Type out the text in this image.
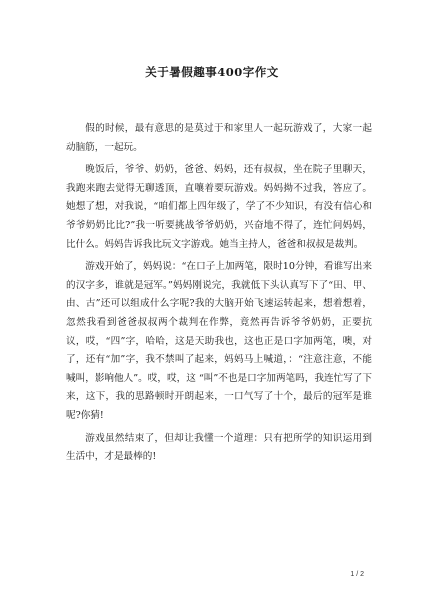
关于暑假趣事400字作文

假的时候，最有意思的是莫过于和家里人一起玩游戏了，大家一起动脑筋，一起玩。

晚饭后，爷爷、奶奶，爸爸、妈妈，还有叔叔，坐在院子里聊天，我跑来跑去觉得无聊透顶，直嚷着要玩游戏。妈妈拗不过我，答应了。她想了想，对我说，“咱们都上四年级了，学了不少知识，有没有信心和爷爷奶奶比比?”我一听要挑战爷爷奶奶，兴奋地不得了，连忙问妈妈，比什么。妈妈告诉我比玩文字游戏。她当主持人，爸爸和叔叔是裁判。

游戏开始了，妈妈说：“在口子上加两笔，限时10分钟，看谁写出来的汉字多，谁就是冠军。”妈妈刚说完，我就低下头认真写下了“田、甲、由、古”还可以组成什么字呢?我的大脑开始飞速运转起来，想着想着，忽然我看到爸爸叔叔两个裁判在作弊，竟然再告诉爷爷奶奶，正要抗议，哎，“四”字，哈哈，这是天助我也，这也正是口字加两笔，噢，对了，还有“加”字，我不禁叫了起来，妈妈马上喊道，：“注意注意，不能喊叫，影响他人”。哎，哎，这 “叫”不也是口字加两笔吗，我连忙写了下来，这下，我的思路顿时开朗起来，一口气写了十个，最后的冠军是谁呢?你猜!

游戏虽然结束了，但却让我懂一个道理：只有把所学的知识运用到生活中，才是最棒的!

1 / 2
